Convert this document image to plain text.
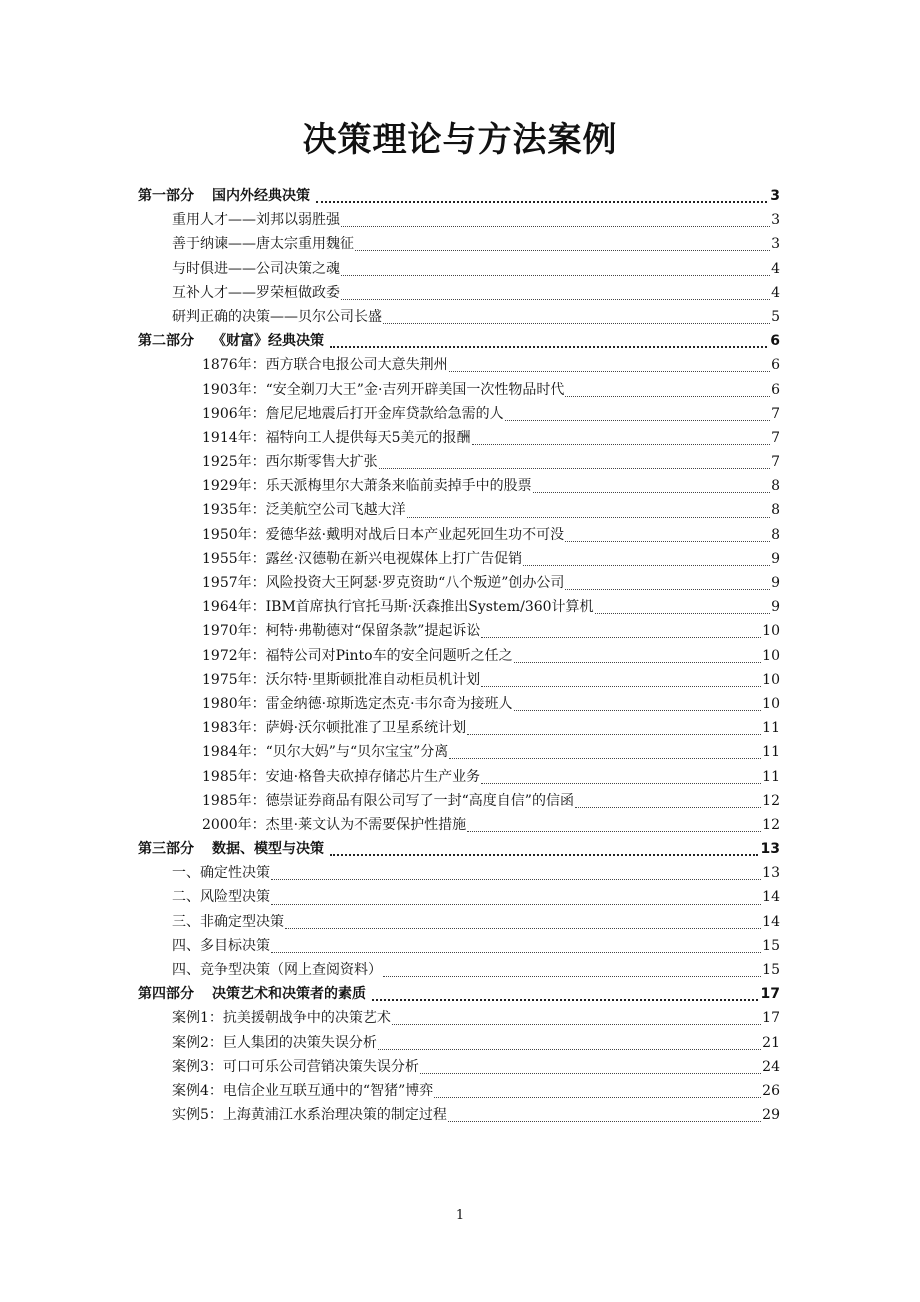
决策理论与方法案例
第一部分 国内外经典决策	3
重用人才——刘邦以弱胜强	3
善于纳谏——唐太宗重用魏征	3
与时俱进——公司决策之魂	4
互补人才——罗荣桓做政委	4
研判正确的决策——贝尔公司长盛	5
第二部分 《财富》经典决策	6
1876年：西方联合电报公司大意失荆州	6
1903年：“安全剃刀大王”金·吉列开辟美国一次性物品时代	6
1906年：詹尼尼地震后打开金库贷款给急需的人	7
1914年：福特向工人提供每天5美元的报酬	7
1925年：西尔斯零售大扩张	7
1929年：乐天派梅里尔大萧条来临前卖掉手中的股票	8
1935年：泛美航空公司飞越大洋	8
1950年：爱德华兹·戴明对战后日本产业起死回生功不可没	8
1955年：露丝·汉德勒在新兴电视媒体上打广告促销	9
1957年：风险投资大王阿瑟·罗克资助“八个叛逆”创办公司	9
1964年：IBM首席执行官托马斯·沃森推出System/360计算机	9
1970年：柯特·弗勒德对“保留条款”提起诉讼	10
1972年：福特公司对Pinto车的安全问题听之任之	10
1975年：沃尔特·里斯顿批准自动柜员机计划	10
1980年：雷金纳德·琼斯选定杰克·韦尔奇为接班人	10
1983年：萨姆·沃尔顿批准了卫星系统计划	11
1984年：“贝尔大妈”与“贝尔宝宝”分离	11
1985年：安迪·格鲁夫砍掉存储芯片生产业务	11
1985年：德崇证券商品有限公司写了一封“高度自信”的信函	12
2000年：杰里·莱文认为不需要保护性措施	12
第三部分 数据、模型与决策	13
一、确定性决策	13
二、风险型决策	14
三、非确定型决策	14
四、多目标决策	15
四、竞争型决策（网上查阅资料）	15
第四部分 决策艺术和决策者的素质	17
案例1：抗美援朝战争中的决策艺术	17
案例2：巨人集团的决策失误分析	21
案例3：可口可乐公司营销决策失误分析	24
案例4：电信企业互联互通中的“智猪”博弈	26
实例5：上海黄浦江水系治理决策的制定过程	29
1
